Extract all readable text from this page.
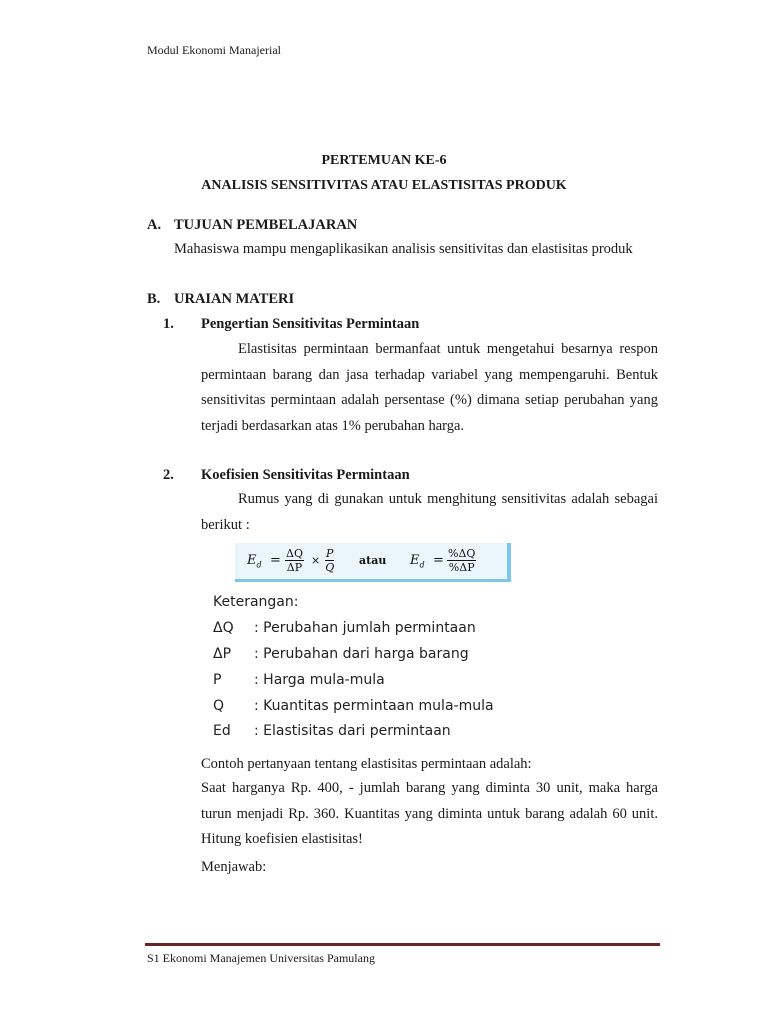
Modul Ekonomi Manajerial
PERTEMUAN KE-6
ANALISIS SENSITIVITAS ATAU ELASTISITAS PRODUK
A. TUJUAN PEMBELAJARAN
Mahasiswa mampu mengaplikasikan analisis sensitivitas dan elastisitas produk
B. URAIAN MATERI
1. Pengertian Sensitivitas Permintaan
Elastisitas permintaan bermanfaat untuk mengetahui besarnya respon permintaan barang dan jasa terhadap variabel yang mempengaruhi. Bentuk sensitivitas permintaan adalah persentase (%) dimana setiap perubahan yang terjadi berdasarkan atas 1% perubahan harga.
2. Koefisien Sensitivitas Permintaan
Rumus yang di gunakan untuk menghitung sensitivitas adalah sebagai berikut :
$E_d = \frac{\Delta Q}{\Delta P} \times \frac{P}{Q}$ atau $E_d = \frac{\%\Delta Q}{\%\Delta P}$
Keterangan:
ΔQ : Perubahan jumlah permintaan
ΔP : Perubahan dari harga barang
P : Harga mula-mula
Q : Kuantitas permintaan mula-mula
Ed : Elastisitas dari permintaan
Contoh pertanyaan tentang elastisitas permintaan adalah:
Saat harganya Rp. 400, - jumlah barang yang diminta 30 unit, maka harga turun menjadi Rp. 360. Kuantitas yang diminta untuk barang adalah 60 unit. Hitung koefisien elastisitas!
Menjawab:
S1 Ekonomi Manajemen Universitas Pamulang
